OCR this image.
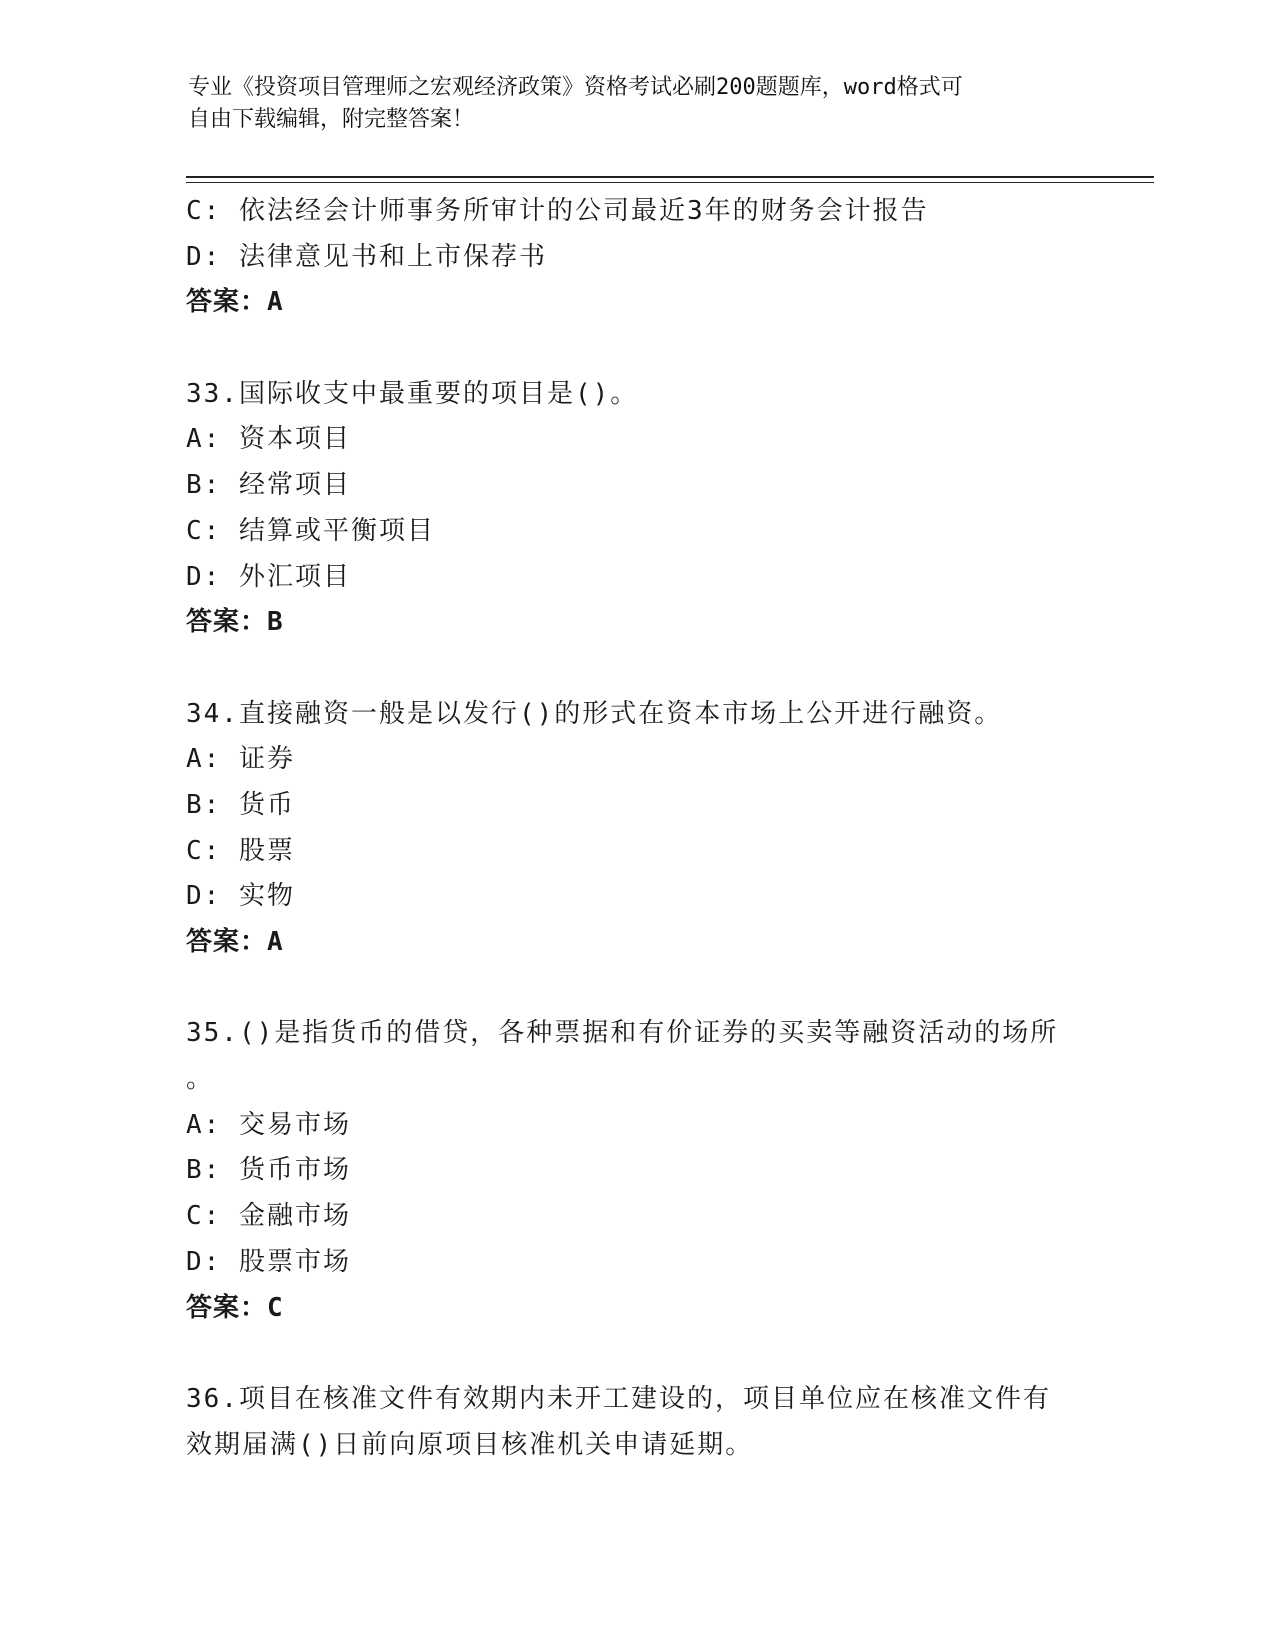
专业《投资项目管理师之宏观经济政策》资格考试必刷200题题库，word格式可
自由下载编辑，附完整答案！
C: 依法经会计师事务所审计的公司最近3年的财务会计报告
D: 法律意见书和上市保荐书
答案：A
33.国际收支中最重要的项目是()。
A: 资本项目
B: 经常项目
C: 结算或平衡项目
D: 外汇项目
答案：B
34.直接融资一般是以发行()的形式在资本市场上公开进行融资。
A: 证券
B: 货币
C: 股票
D: 实物
答案：A
35.()是指货币的借贷，各种票据和有价证券的买卖等融资活动的场所
。
A: 交易市场
B: 货币市场
C: 金融市场
D: 股票市场
答案：C
36.项目在核准文件有效期内未开工建设的，项目单位应在核准文件有
效期届满()日前向原项目核准机关申请延期。
